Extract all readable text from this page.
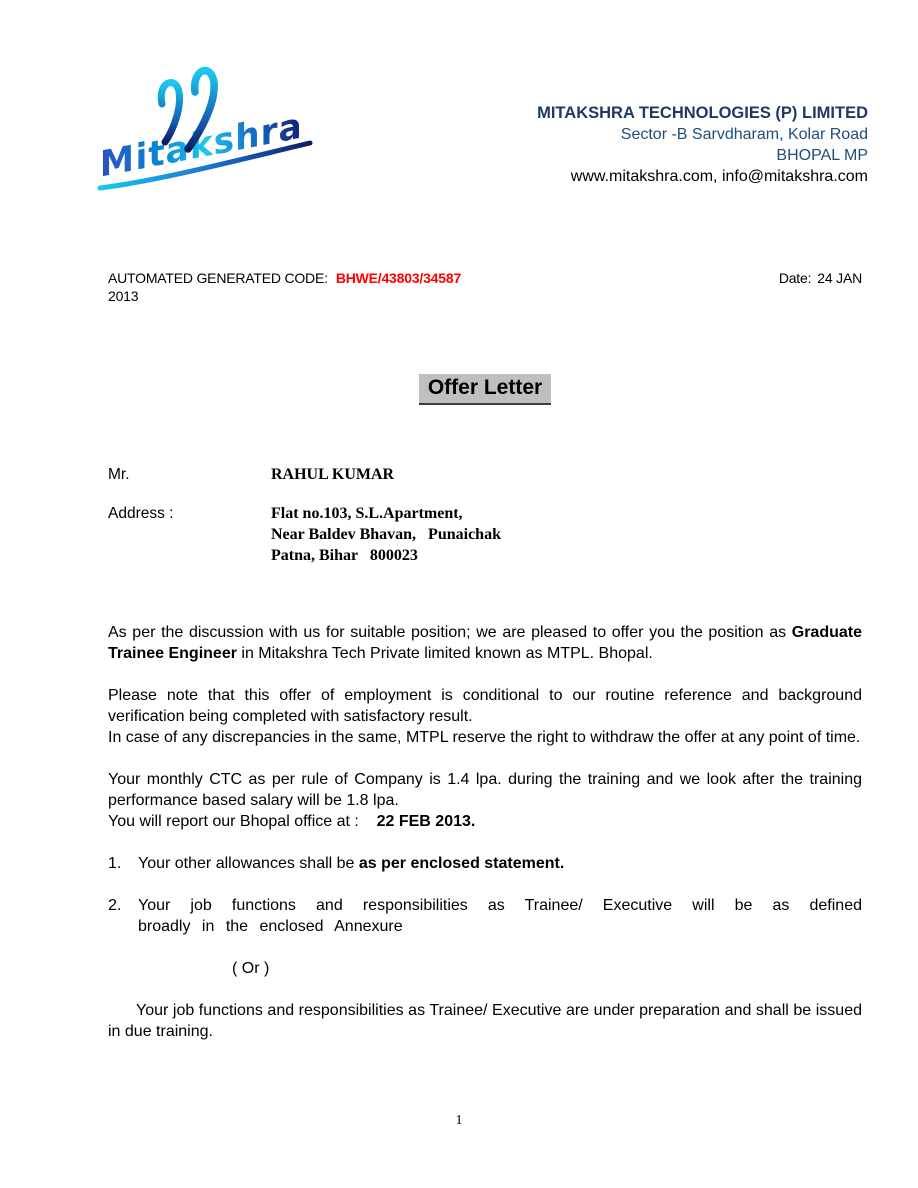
Mitakshra	MITAKSHRA TECHNOLOGIES (P) LIMITED
Sector -B Sarvdharam, Kolar Road
BHOPAL MP
www.mitakshra.com, info@mitakshra.com
AUTOMATED GENERATED CODE: BHWE/43803/34587	Date: 24 JAN
2013
Offer Letter
Mr.	RAHUL KUMAR
Address :	Flat no.103, S.L.Apartment,
Near Baldev Bhavan,   Punaichak
Patna, Bihar   800023
As per the discussion with us for suitable position; we are pleased to offer you the position as Graduate Trainee Engineer in Mitakshra Tech Private limited known as MTPL. Bhopal.
Please note that this offer of employment is conditional to our routine reference and background verification being completed with satisfactory result.
In case of any discrepancies in the same, MTPL reserve the right to withdraw the offer at any point of time.
Your monthly CTC as per rule of Company is 1.4 lpa. during the training and we look after the training performance based salary will be 1.8 lpa.
You will report our Bhopal office at :    22 FEB 2013.
1.	Your other allowances shall be as per enclosed statement.
2.	Your job functions and responsibilities as Trainee/ Executive will be as defined
broadly in the enclosed Annexure
( Or )
Your job functions and responsibilities as Trainee/ Executive are under preparation and shall be issued in due training.
1
